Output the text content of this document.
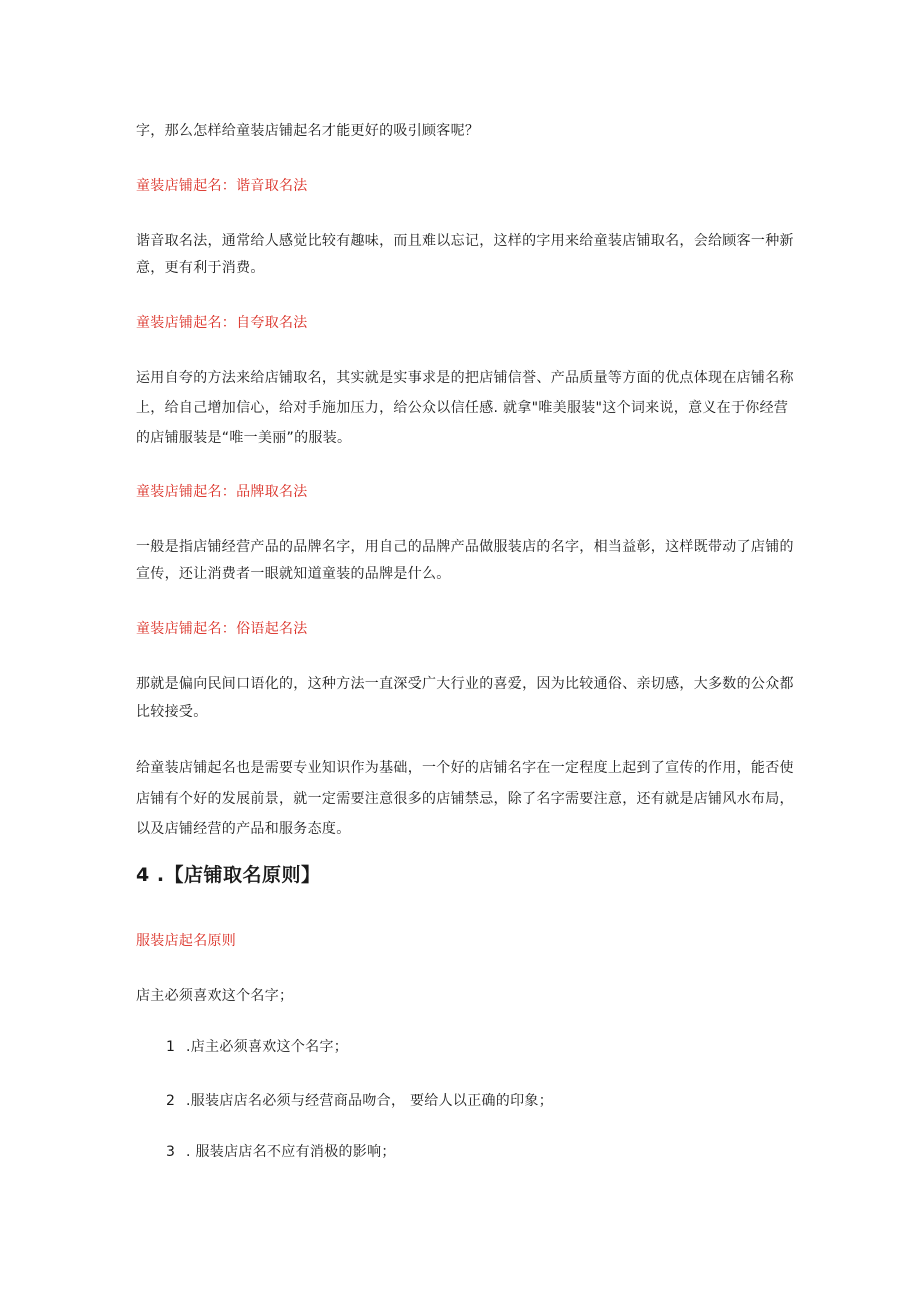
字，那么怎样给童装店铺起名才能更好的吸引顾客呢？
童装店铺起名：谐音取名法
谐音取名法，通常给人感觉比较有趣味，而且难以忘记，这样的字用来给童装店铺取名，会给顾客一种新
意，更有利于消费。
童装店铺起名：自夸取名法
运用自夸的方法来给店铺取名，其实就是实事求是的把店铺信誉、产品质量等方面的优点体现在店铺名称
上，给自己增加信心，给对手施加压力，给公众以信任感. 就拿"唯美服装"这个词来说，意义在于你经营
的店铺服装是“唯一美丽”的服装。
童装店铺起名：品牌取名法
一般是指店铺经营产品的品牌名字，用自己的品牌产品做服装店的名字，相当益彰，这样既带动了店铺的
宣传，还让消费者一眼就知道童装的品牌是什么。
童装店铺起名：俗语起名法
那就是偏向民间口语化的，这种方法一直深受广大行业的喜爱，因为比较通俗、亲切感，大多数的公众都
比较接受。
给童装店铺起名也是需要专业知识作为基础，一个好的店铺名字在一定程度上起到了宣传的作用，能否使
店铺有个好的发展前景，就一定需要注意很多的店铺禁忌，除了名字需要注意，还有就是店铺风水布局，
以及店铺经营的产品和服务态度。
4 .【店铺取名原则】
服装店起名原则
店主必须喜欢这个名字；
1 .店主必须喜欢这个名字；
2 .服装店店名必须与经营商品吻合， 要给人以正确的印象；
3 . 服装店店名不应有消极的影响；
